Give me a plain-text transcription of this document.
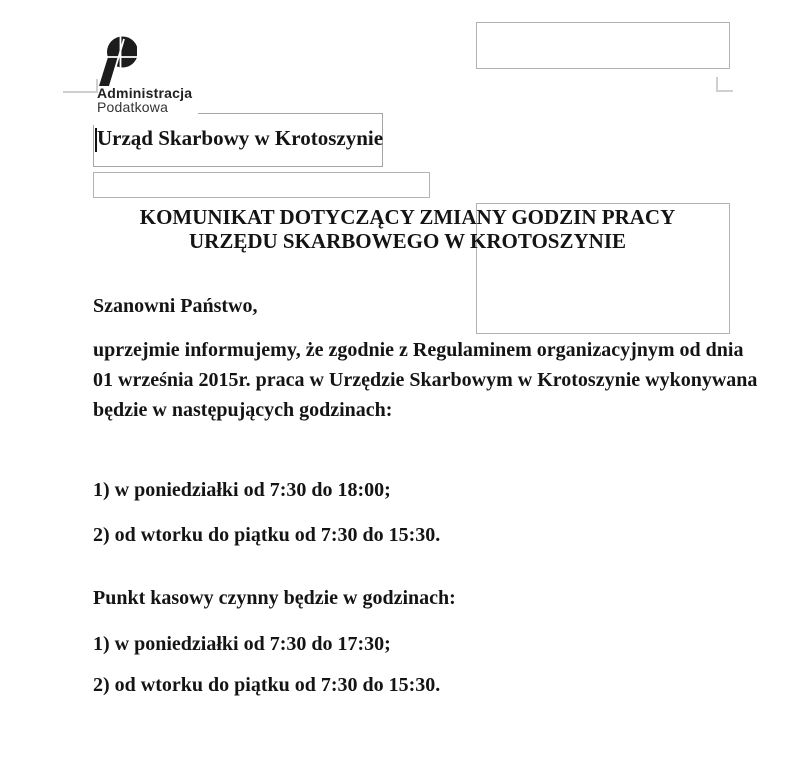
Administracja
Podatkowa
Urząd Skarbowy w Krotoszynie
KOMUNIKAT DOTYCZĄCY ZMIANY GODZIN PRACY
URZĘDU SKARBOWEGO W KROTOSZYNIE
Szanowni Państwo,
uprzejmie informujemy, że zgodnie z Regulaminem organizacyjnym od dnia
01 września 2015r. praca w Urzędzie Skarbowym w Krotoszynie wykonywana
będzie w następujących godzinach:
1) w poniedziałki od 7:30 do 18:00;
2) od wtorku do piątku od 7:30 do 15:30.
Punkt kasowy czynny będzie w godzinach:
1) w poniedziałki od 7:30 do 17:30;
2) od wtorku do piątku od 7:30 do 15:30.
